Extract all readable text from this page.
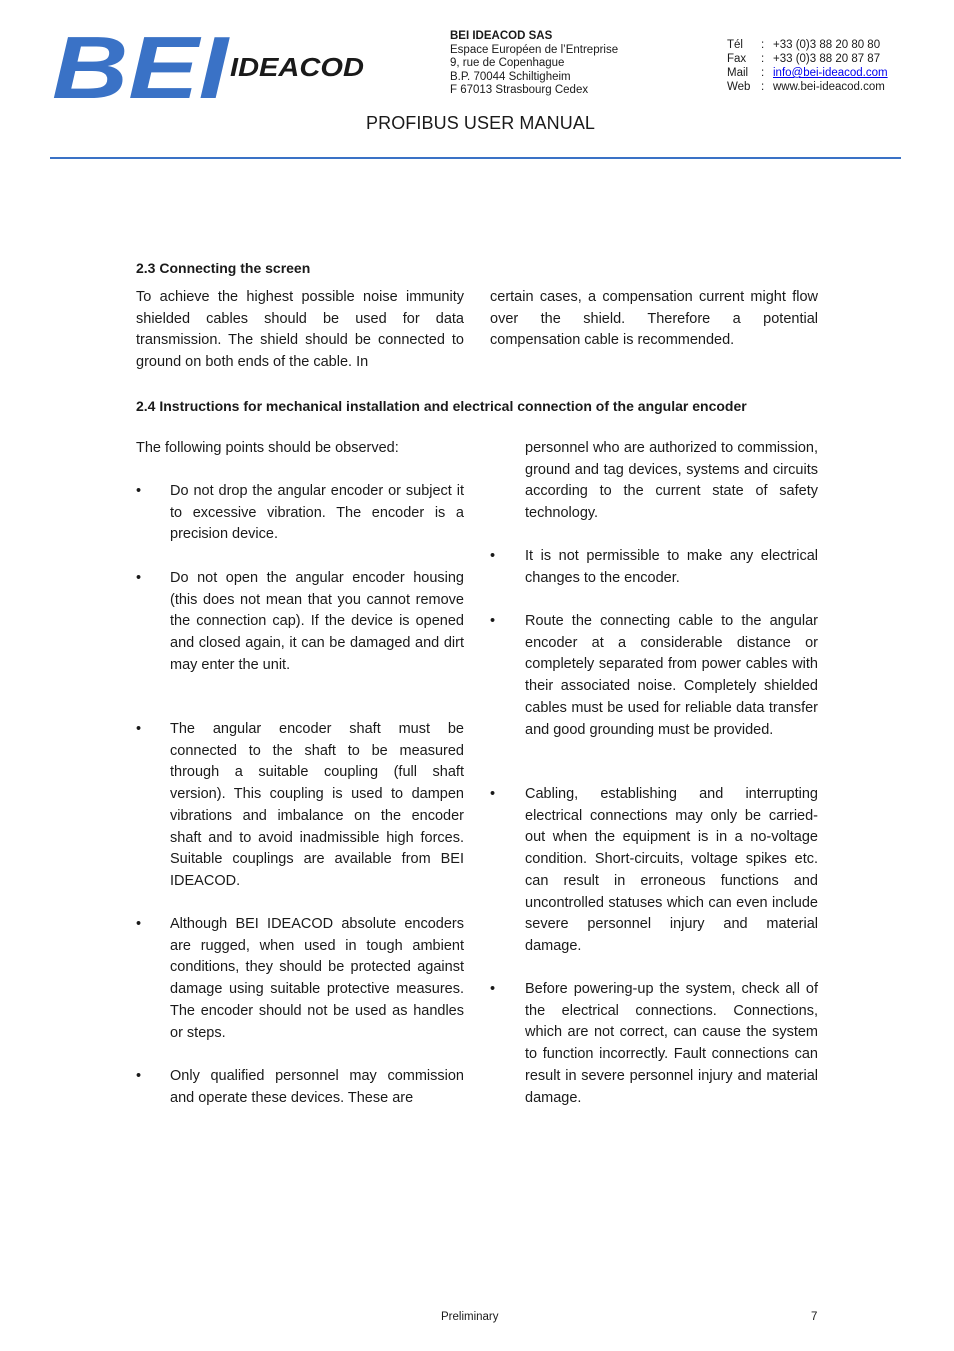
BEI IDEACOD
BEI IDEACOD SAS
Espace Européen de l’Entreprise
9, rue de Copenhague
B.P. 70044 Schiltigheim
F 67013 Strasbourg Cedex
Tél	:	+33 (0)3 88 20 80 80
Fax	:	+33 (0)3 88 20 87 87
Mail	:	info@bei-ideacod.com
Web	:	www.bei-ideacod.com
PROFIBUS USER MANUAL
2.3 Connecting the screen

To achieve the highest possible noise immunity shielded cables should be used for data transmission. The shield should be connected to ground on both ends of the cable. In

certain cases, a compensation current might flow over the shield. Therefore a potential compensation cable is recommended.

2.4 Instructions for mechanical installation and electrical connection of the angular encoder

The following points should be observed:

• Do not drop the angular encoder or subject it to excessive vibration. The encoder is a precision device.
• Do not open the angular encoder housing (this does not mean that you cannot remove the connection cap). If the device is opened and closed again, it can be damaged and dirt may enter the unit.
• The angular encoder shaft must be connected to the shaft to be measured through a suitable coupling (full shaft version). This coupling is used to dampen vibrations and imbalance on the encoder shaft and to avoid inadmissible high forces. Suitable couplings are available from BEI IDEACOD.
• Although BEI IDEACOD absolute encoders are rugged, when used in tough ambient conditions, they should be protected against damage using suitable protective measures. The encoder should not be used as handles or steps.
• Only qualified personnel may commission and operate these devices. These are

personnel who are authorized to commission, ground and tag devices, systems and circuits according to the current state of safety technology.

• It is not permissible to make any electrical changes to the encoder.
• Route the connecting cable to the angular encoder at a considerable distance or completely separated from power cables with their associated noise. Completely shielded cables must be used for reliable data transfer and good grounding must be provided.
• Cabling, establishing and interrupting electrical connections may only be carried-out when the equipment is in a no-voltage condition. Short-circuits, voltage spikes etc. can result in erroneous functions and uncontrolled statuses which can even include severe personnel injury and material damage.
• Before powering-up the system, check all of the electrical connections. Connections, which are not correct, can cause the system to function incorrectly. Fault connections can result in severe personnel injury and material damage.
Preliminary	7
